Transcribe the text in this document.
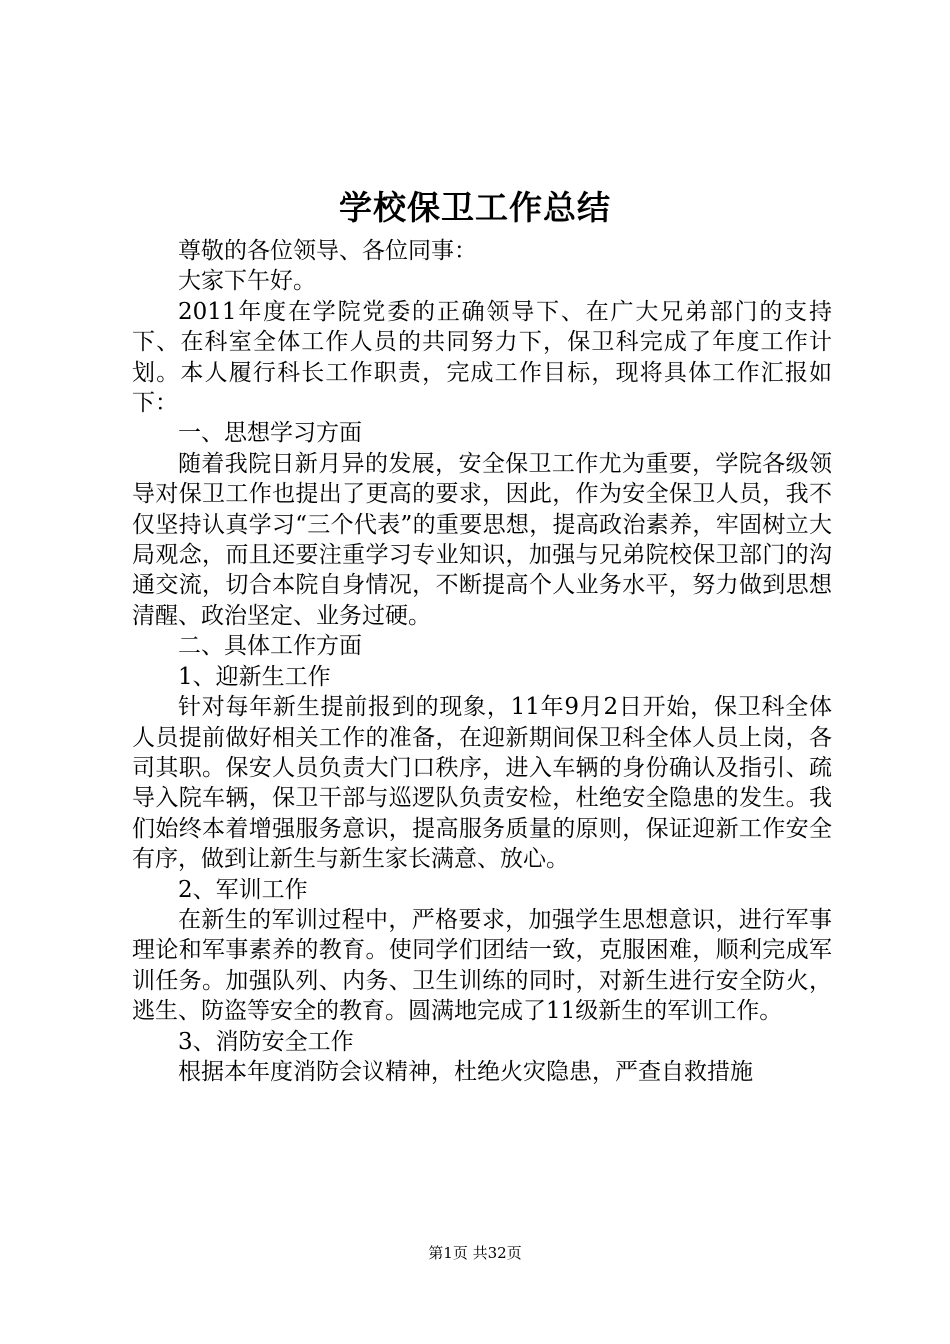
学校保卫工作总结

尊敬的各位领导、各位同事：

大家下午好。

2011年度在学院党委的正确领导下、在广大兄弟部门的支持下、在科室全体工作人员的共同努力下，保卫科完成了年度工作计划。本人履行科长工作职责，完成工作目标，现将具体工作汇报如下：

一、思想学习方面

随着我院日新月异的发展，安全保卫工作尤为重要，学院各级领导对保卫工作也提出了更高的要求，因此，作为安全保卫人员，我不仅坚持认真学习“三个代表”的重要思想，提高政治素养，牢固树立大局观念，而且还要注重学习专业知识，加强与兄弟院校保卫部门的沟通交流，切合本院自身情况，不断提高个人业务水平，努力做到思想清醒、政治坚定、业务过硬。

二、具体工作方面

1、迎新生工作

针对每年新生提前报到的现象，11年9月2日开始，保卫科全体人员提前做好相关工作的准备，在迎新期间保卫科全体人员上岗，各司其职。保安人员负责大门口秩序，进入车辆的身份确认及指引、疏导入院车辆，保卫干部与巡逻队负责安检，杜绝安全隐患的发生。我们始终本着增强服务意识，提高服务质量的原则，保证迎新工作安全有序，做到让新生与新生家长满意、放心。

2、军训工作

在新生的军训过程中，严格要求，加强学生思想意识，进行军事理论和军事素养的教育。使同学们团结一致，克服困难，顺利完成军训任务。加强队列、内务、卫生训练的同时，对新生进行安全防火，逃生、防盗等安全的教育。圆满地完成了11级新生的军训工作。

3、消防安全工作

根据本年度消防会议精神，杜绝火灾隐患，严查自救措施

第1页 共32页
